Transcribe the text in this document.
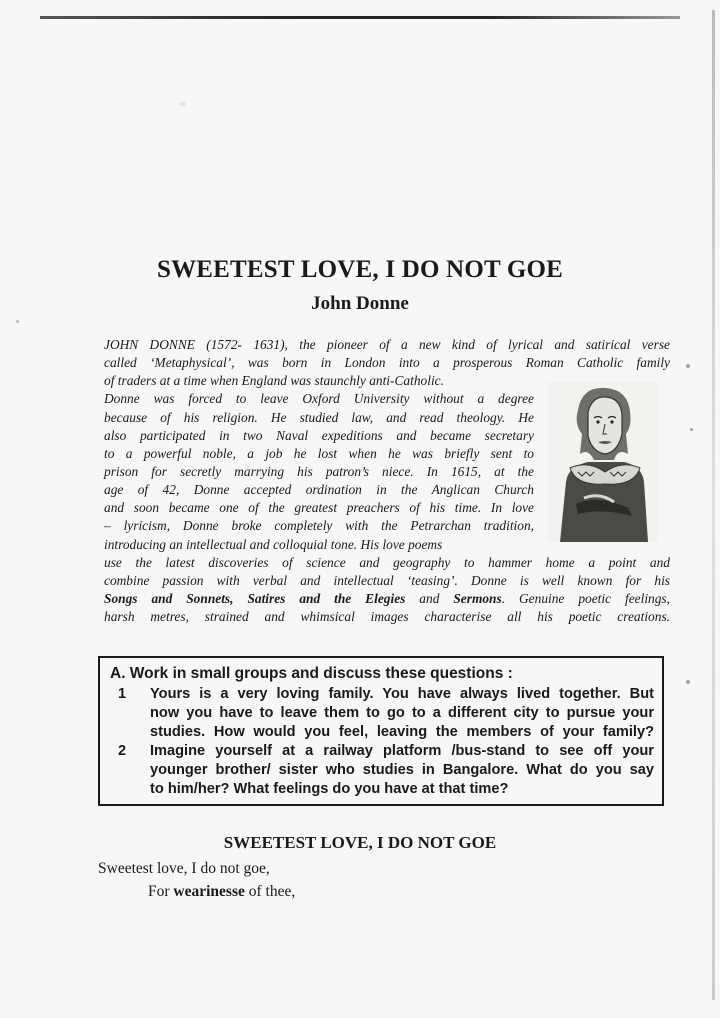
SWEETEST LOVE, I DO NOT GOE
John Donne
JOHN DONNE (1572- 1631), the pioneer of a new kind of lyrical and satirical verse
called ‘Metaphysical’, was born in London into a prosperous Roman Catholic family
of traders at a time when England was staunchly anti-Catholic.
Donne was forced to leave Oxford University without a degree
because of his religion. He studied law, and read theology. He
also participated in two Naval expeditions and became secretary
to a powerful noble, a job he lost when he was briefly sent to
prison for secretly marrying his patron’s niece. In 1615, at the
age of 42, Donne accepted ordination in the Anglican Church
and soon became one of the greatest preachers of his time. In love
– lyricism, Donne broke completely with the Petrarchan tradition,
introducing an intellectual and colloquial tone. His love poems
use the latest discoveries of science and geography to hammer home a point and
combine passion with verbal and intellectual ‘teasing’. Donne is well known for his
Songs and Sonnets, Satires and the Elegies and Sermons. Genuine poetic feelings,
harsh metres, strained and whimsical images characterise all his poetic creations.
A. Work in small groups and discuss these questions :
1 Yours is a very loving family. You have always lived together. But
now you have to leave them to go to a different city to pursue your
studies. How would you feel, leaving the members of your family?
2 Imagine yourself at a railway platform /bus-stand to see off your
younger brother/ sister who studies in Bangalore. What do you say
to him/her? What feelings do you have at that time?
SWEETEST LOVE, I DO NOT GOE
Sweetest love, I do not goe,
For wearinesse of thee,
